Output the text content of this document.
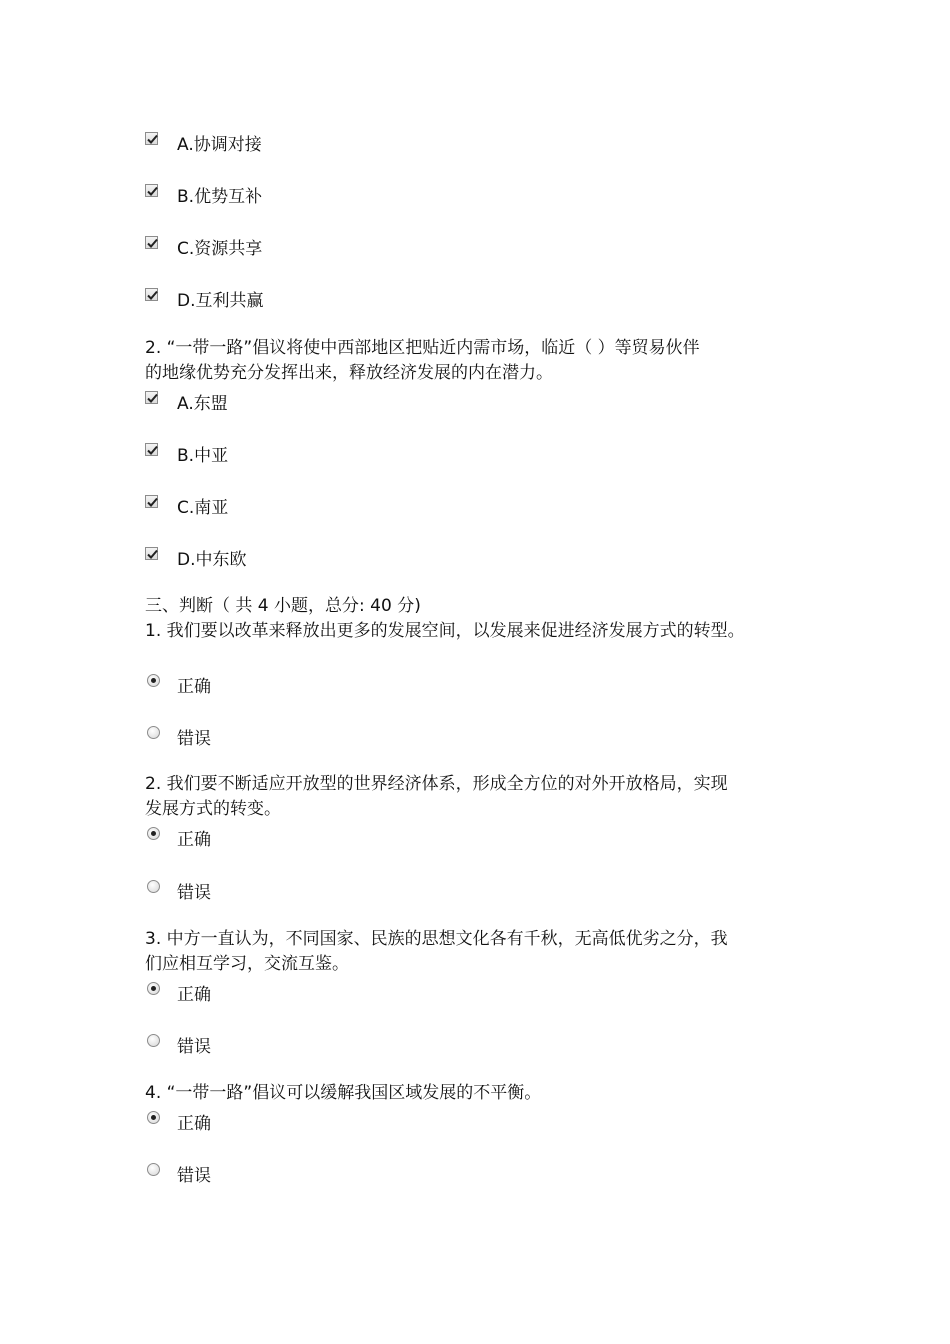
A.协调对接
B.优势互补
C.资源共享
D.互利共赢
2. “一带一路”倡议将使中西部地区把贴近内需市场，临近（ ）等贸易伙伴
的地缘优势充分发挥出来，释放经济发展的内在潜力。
A.东盟
B.中亚
C.南亚
D.中东欧
三、判断（ 共 4 小题，总分: 40 分)
1. 我们要以改革来释放出更多的发展空间，以发展来促进经济发展方式的转型。
正确
错误
2. 我们要不断适应开放型的世界经济体系，形成全方位的对外开放格局，实现
发展方式的转变。
正确
错误
3. 中方一直认为，不同国家、民族的思想文化各有千秋，无高低优劣之分，我
们应相互学习，交流互鉴。
正确
错误
4. “一带一路”倡议可以缓解我国区域发展的不平衡。
正确
错误
